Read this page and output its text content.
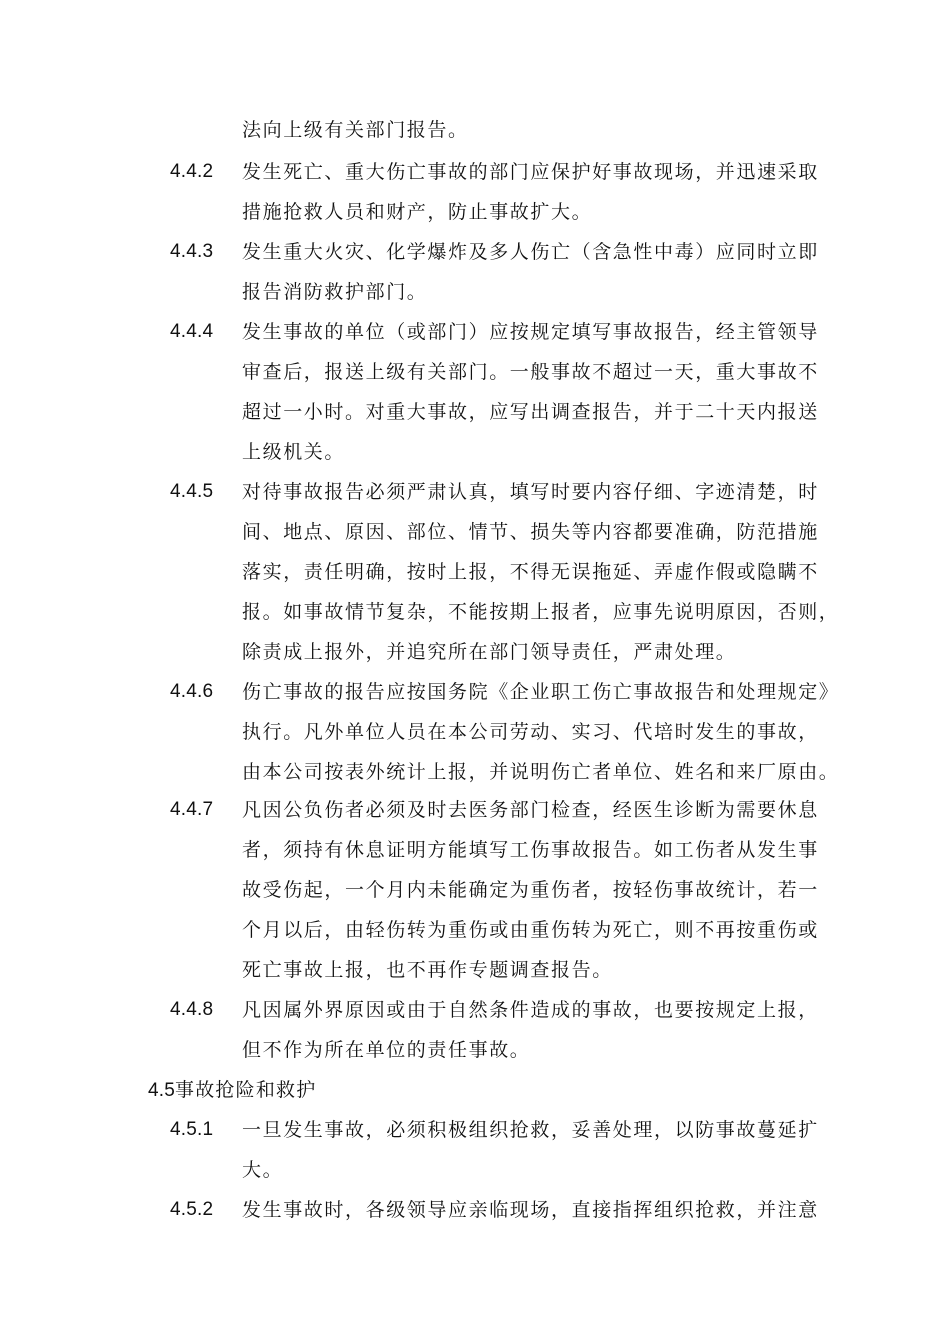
法向上级有关部门报告。
4.4.2	发生死亡、重大伤亡事故的部门应保护好事故现场，并迅速采取
措施抢救人员和财产，防止事故扩大。
4.4.3	发生重大火灾、化学爆炸及多人伤亡（含急性中毒）应同时立即
报告消防救护部门。
4.4.4	发生事故的单位（或部门）应按规定填写事故报告，经主管领导
审查后，报送上级有关部门。一般事故不超过一天，重大事故不
超过一小时。对重大事故，应写出调查报告，并于二十天内报送
上级机关。
4.4.5	对待事故报告必须严肃认真，填写时要内容仔细、字迹清楚，时
间、地点、原因、部位、情节、损失等内容都要准确，防范措施
落实，责任明确，按时上报，不得无误拖延、弄虚作假或隐瞒不
报。如事故情节复杂，不能按期上报者，应事先说明原因，否则，
除责成上报外，并追究所在部门领导责任，严肃处理。
4.4.6	伤亡事故的报告应按国务院《企业职工伤亡事故报告和处理规定》
执行。凡外单位人员在本公司劳动、实习、代培时发生的事故，
由本公司按表外统计上报，并说明伤亡者单位、姓名和来厂原由。
4.4.7	凡因公负伤者必须及时去医务部门检查，经医生诊断为需要休息
者，须持有休息证明方能填写工伤事故报告。如工伤者从发生事
故受伤起，一个月内未能确定为重伤者，按轻伤事故统计，若一
个月以后，由轻伤转为重伤或由重伤转为死亡，则不再按重伤或
死亡事故上报，也不再作专题调查报告。
4.4.8	凡因属外界原因或由于自然条件造成的事故，也要按规定上报，
但不作为所在单位的责任事故。
4.5事故抢险和救护
4.5.1	一旦发生事故，必须积极组织抢救，妥善处理，以防事故蔓延扩
大。
4.5.2	发生事故时，各级领导应亲临现场，直接指挥组织抢救，并注意
